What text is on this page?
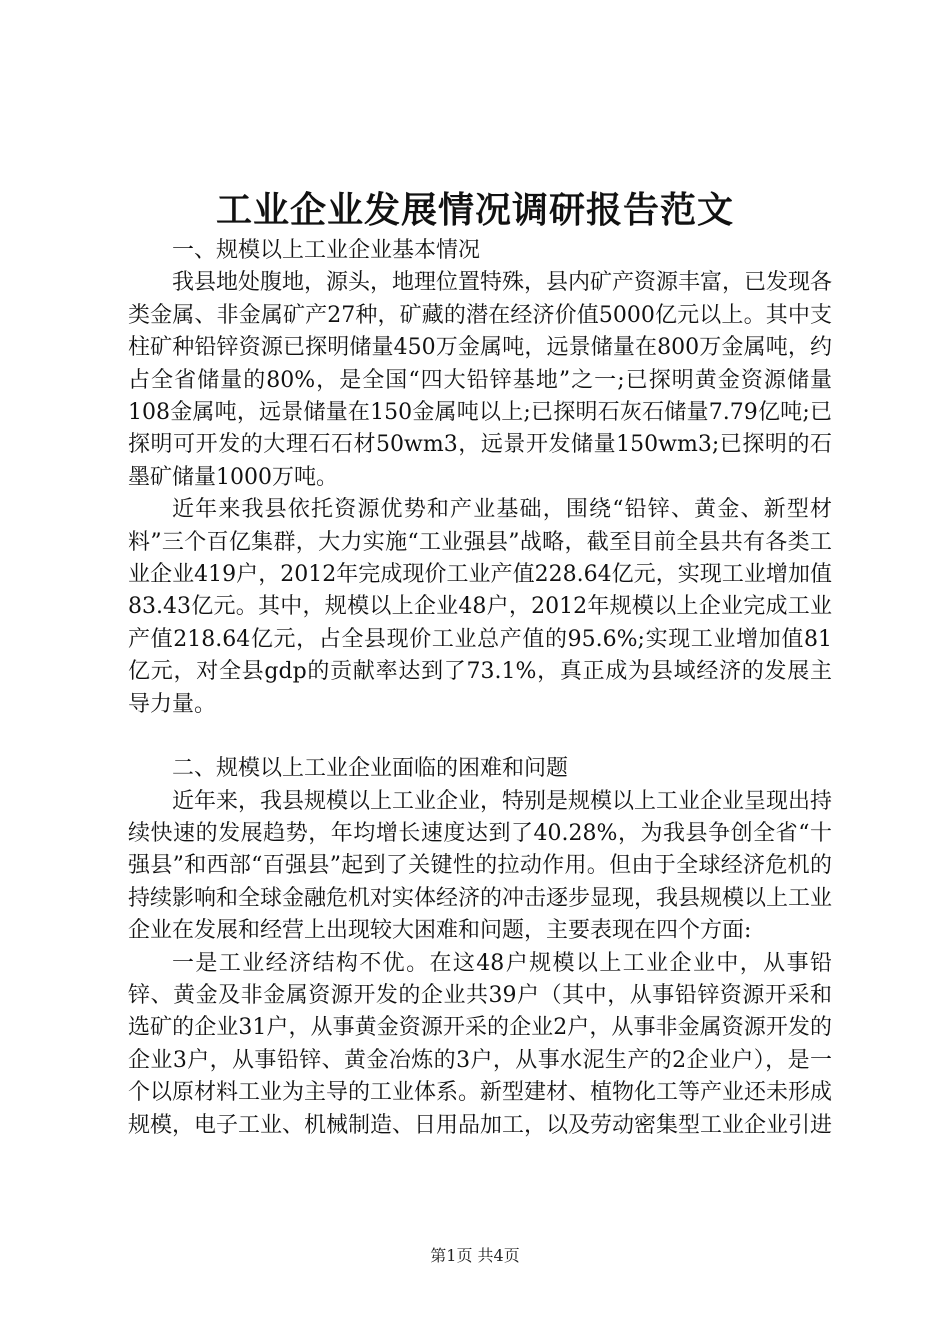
工业企业发展情况调研报告范文

一、规模以上工业企业基本情况

我县地处腹地，源头，地理位置特殊，县内矿产资源丰富，已发现各类金属、非金属矿产27种，矿藏的潜在经济价值5000亿元以上。其中支柱矿种铅锌资源已探明储量450万金属吨，远景储量在800万金属吨，约占全省储量的80%，是全国“四大铅锌基地”之一;已探明黄金资源储量108金属吨，远景储量在150金属吨以上;已探明石灰石储量7.79亿吨;已探明可开发的大理石石材50wm3，远景开发储量150wm3;已探明的石墨矿储量1000万吨。

近年来我县依托资源优势和产业基础，围绕“铅锌、黄金、新型材料”三个百亿集群，大力实施“工业强县”战略，截至目前全县共有各类工业企业419户，2012年完成现价工业产值228.64亿元，实现工业增加值83.43亿元。其中，规模以上企业48户，2012年规模以上企业完成工业产值218.64亿元，占全县现价工业总产值的95.6%;实现工业增加值81亿元，对全县gdp的贡献率达到了73.1%，真正成为县域经济的发展主导力量。

二、规模以上工业企业面临的困难和问题

近年来，我县规模以上工业企业，特别是规模以上工业企业呈现出持续快速的发展趋势，年均增长速度达到了40.28%，为我县争创全省“十强县”和西部“百强县”起到了关键性的拉动作用。但由于全球经济危机的持续影响和全球金融危机对实体经济的冲击逐步显现，我县规模以上工业企业在发展和经营上出现较大困难和问题，主要表现在四个方面:

一是工业经济结构不优。在这48户规模以上工业企业中，从事铅锌、黄金及非金属资源开发的企业共39户（其中，从事铅锌资源开采和选矿的企业31户，从事黄金资源开采的企业2户，从事非金属资源开发的企业3户，从事铅锌、黄金冶炼的3户，从事水泥生产的2企业户），是一个以原材料工业为主导的工业体系。新型建材、植物化工等产业还未形成规模，电子工业、机械制造、日用品加工，以及劳动密集型工业企业引进

第1页 共4页
